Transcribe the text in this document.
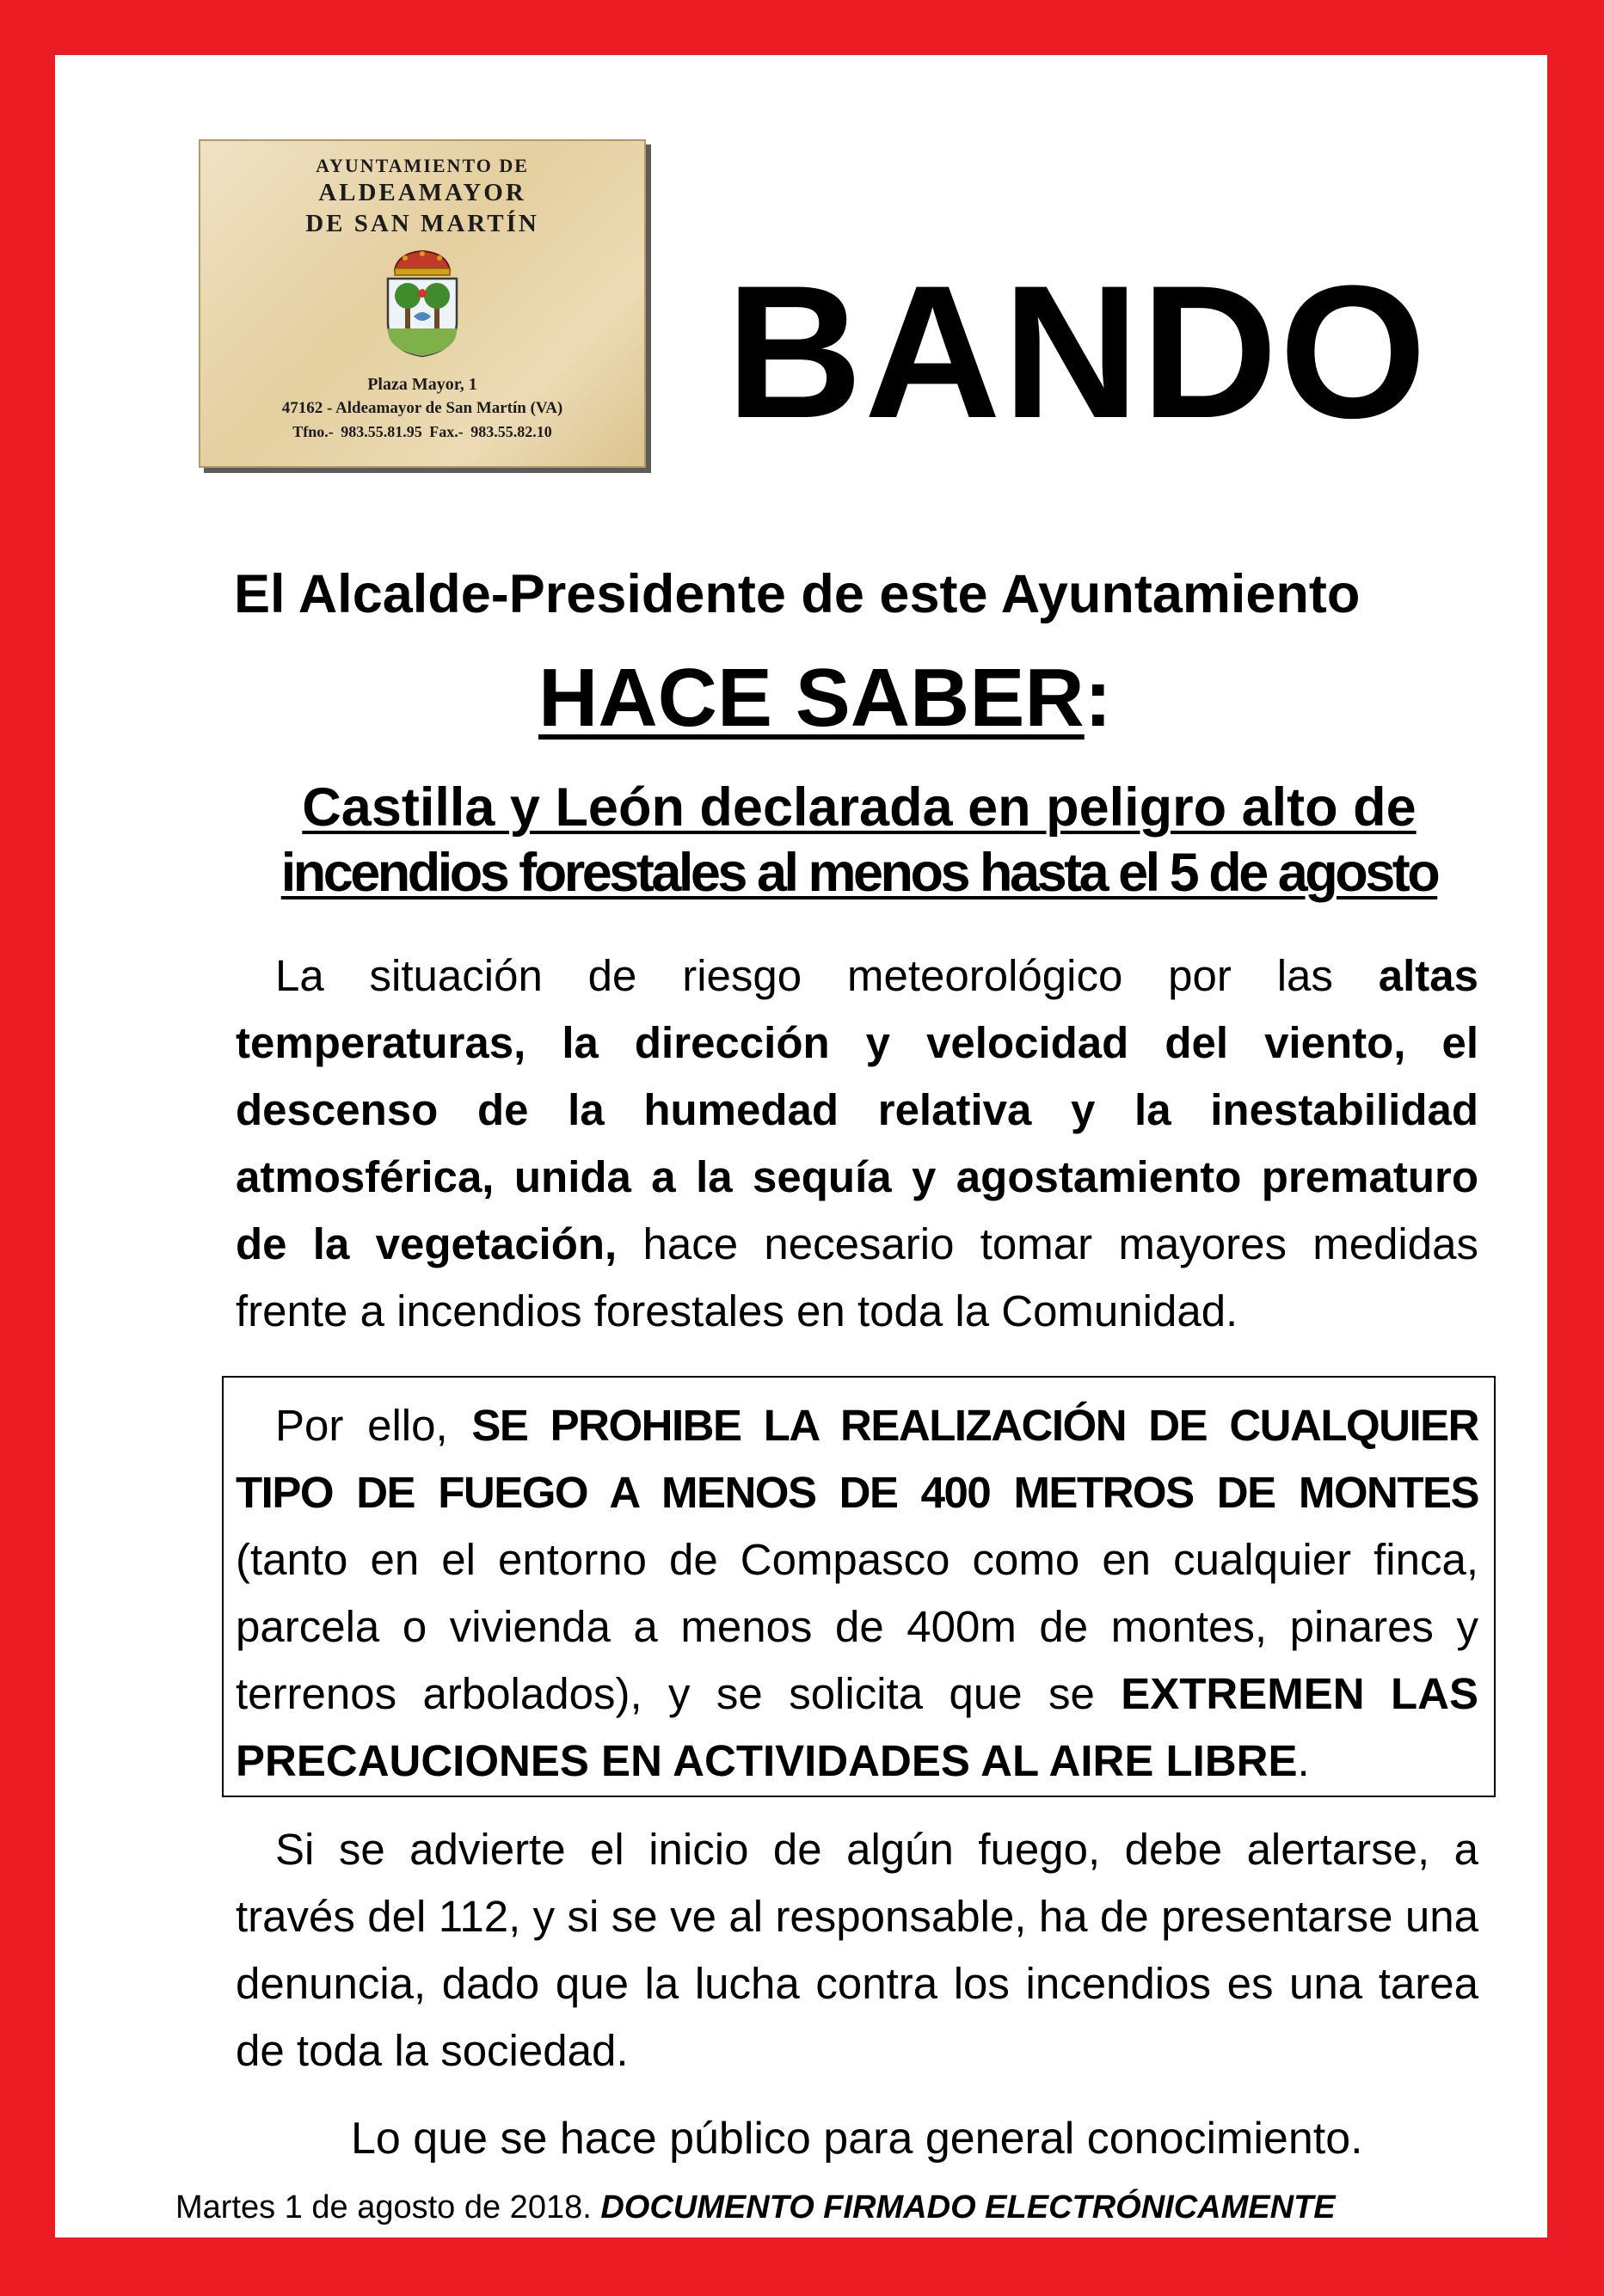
AYUNTAMIENTO DE
ALDEAMAYOR
DE SAN MARTÍN
Plaza Mayor, 1
47162 - Aldeamayor de San Martín (VA)
Tfno.- 983.55.81.95 Fax.- 983.55.82.10 BANDO
El Alcalde-Presidente de este Ayuntamiento
HACE SABER:
Castilla y León declarada en peligro alto de
incendios forestales al menos hasta el 5 de agosto
La situación de riesgo meteorológico por las altas temperaturas, la dirección y velocidad del viento, el descenso de la humedad relativa y la inestabilidad atmosférica, unida a la sequía y agostamiento prematuro de la vegetación, hace necesario tomar mayores medidas frente a incendios forestales en toda la Comunidad.
Por ello, SE PROHIBE LA REALIZACIÓN DE CUALQUIER TIPO DE FUEGO A MENOS DE 400 METROS DE MONTES (tanto en el entorno de Compasco como en cualquier finca, parcela o vivienda a menos de 400m de montes, pinares y terrenos arbolados), y se solicita que se EXTREMEN LAS PRECAUCIONES EN ACTIVIDADES AL AIRE LIBRE.
Si se advierte el inicio de algún fuego, debe alertarse, a través del 112, y si se ve al responsable, ha de presentarse una denuncia, dado que la lucha contra los incendios es una tarea de toda la sociedad.
Lo que se hace público para general conocimiento.
Martes 1 de agosto de 2018. DOCUMENTO FIRMADO ELECTRÓNICAMENTE
